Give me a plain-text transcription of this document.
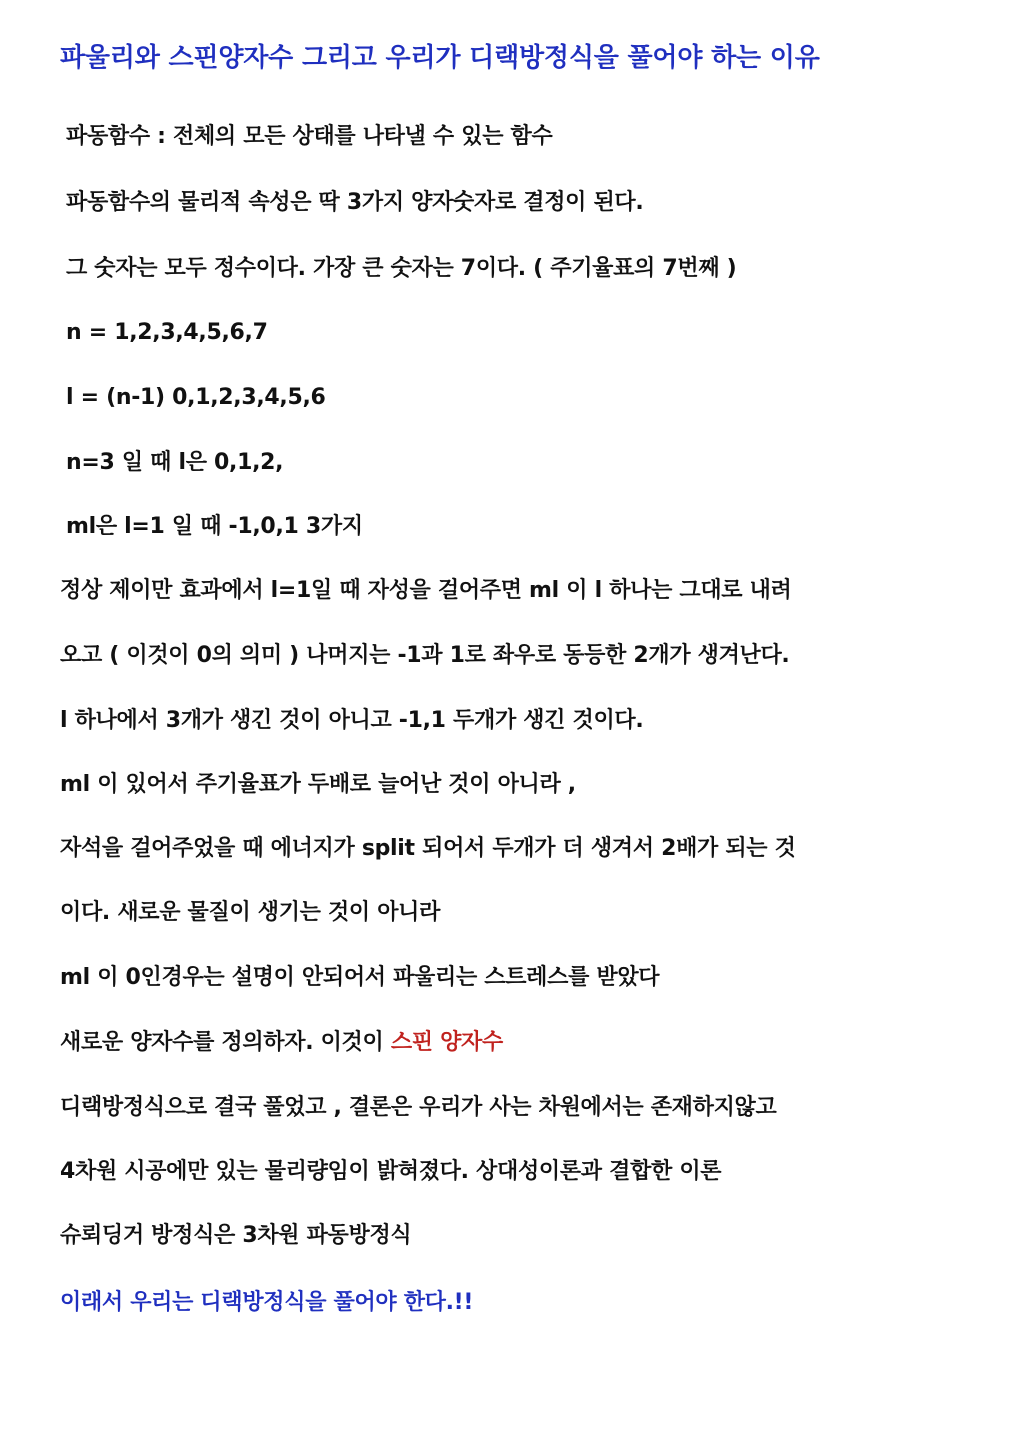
파울리와 스핀양자수 그리고 우리가 디랙방정식을 풀어야 하는 이유
파동함수 : 전체의 모든 상태를 나타낼 수 있는 함수
파동함수의 물리적 속성은 딱 3가지 양자숫자로 결정이 된다.
그 숫자는 모두 정수이다. 가장 큰 숫자는 7이다. ( 주기율표의 7번째 )
n = 1,2,3,4,5,6,7
l = (n-1) 0,1,2,3,4,5,6
n=3 일 때 l은 0,1,2,
ml은 l=1 일 때 -1,0,1 3가지
정상 제이만 효과에서 l=1일 때 자성을 걸어주면 ml 이 l 하나는 그대로 내려
오고 ( 이것이 0의 의미 ) 나머지는 -1과 1로 좌우로 동등한 2개가 생겨난다.
l 하나에서 3개가 생긴 것이 아니고 -1,1 두개가 생긴 것이다.
ml 이 있어서 주기율표가 두배로 늘어난 것이 아니라 ,
자석을 걸어주었을 때 에너지가 split 되어서 두개가 더 생겨서 2배가 되는 것
이다. 새로운 물질이 생기는 것이 아니라
ml 이 0인경우는 설명이 안되어서 파울리는 스트레스를 받았다
새로운 양자수를 정의하자. 이것이 스핀 양자수
디랙방정식으로 결국 풀었고 , 결론은 우리가 사는 차원에서는 존재하지않고
4차원 시공에만 있는 물리량임이 밝혀졌다. 상대성이론과 결합한 이론
슈뢰딩거 방정식은 3차원 파동방정식
이래서 우리는 디랙방정식을 풀어야 한다.!!
